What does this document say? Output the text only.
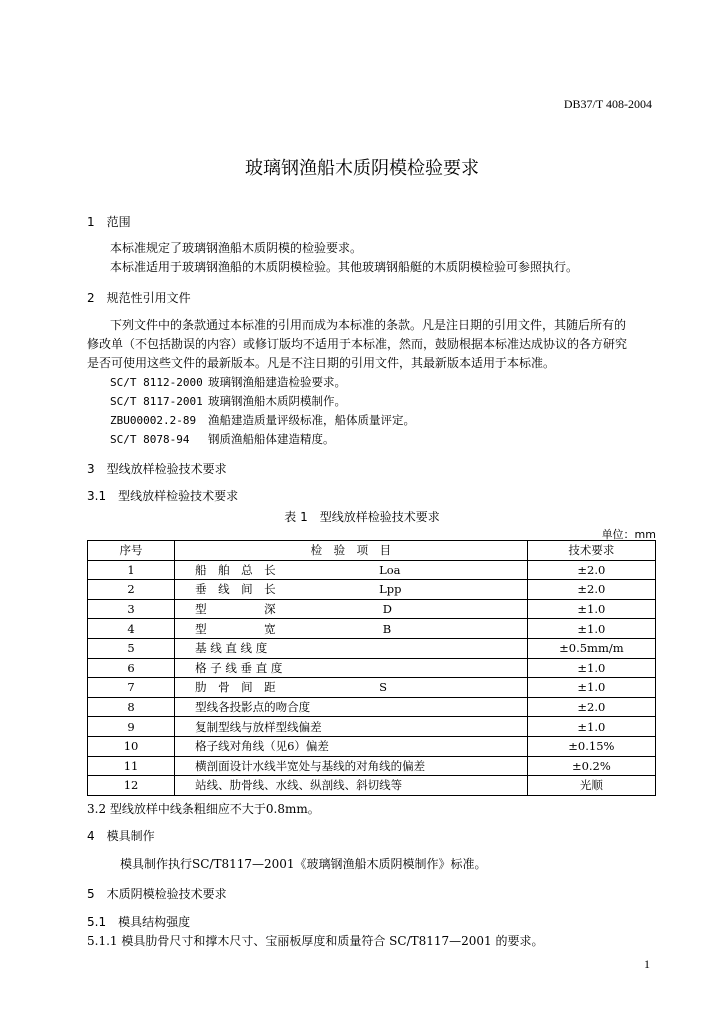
DB37/T 408-2004
玻璃钢渔船木质阴模检验要求
1　范围
本标准规定了玻璃钢渔船木质阴模的检验要求。
本标准适用于玻璃钢渔船的木质阴模检验。其他玻璃钢船艇的木质阴模检验可参照执行。
2　规范性引用文件
下列文件中的条款通过本标准的引用而成为本标准的条款。凡是注日期的引用文件，其随后所有的
修改单（不包括勘误的内容）或修订版均不适用于本标准，然而，鼓励根据本标准达成协议的各方研究
是否可使用这些文件的最新版本。凡是不注日期的引用文件，其最新版本适用于本标准。
SC/T 8112-2000 玻璃钢渔船建造检验要求。
SC/T 8117-2001 玻璃钢渔船木质阴模制作。
ZBU00002.2-89 渔船建造质量评级标准，船体质量评定。
SC/T 8078-94 钢质渔船船体建造精度。
3　型线放样检验技术要求
3.1　型线放样检验技术要求
表 1　型线放样检验技术要求
单位：mm
序号	检　验　项　目	技术要求
1	船　舶　总　长　　　　　　　　　Loa	±2.0
2	垂　线　间　长　　　　　　　　　Lpp	±2.0
3	型　　　　　深　　　　　　　　　 D	±1.0
4	型　　　　　宽　　　　　　　　　 B	±1.0
5	基 线 直 线 度	±0.5mm/m
6	格 子 线 垂 直 度	±1.0
7	肋　骨　间　距　　　　　　　　　S	±1.0
8	型线各投影点的吻合度	±2.0
9	复制型线与放样型线偏差	±1.0
10	格子线对角线（见6）偏差	±0.15%
11	横剖面设计水线半宽处与基线的对角线的偏差	±0.2%
12	站线、肋骨线、水线、纵剖线、斜切线等	光顺
3.2 型线放样中线条粗细应不大于0.8mm。
4　模具制作
模具制作执行SC/T8117—2001《玻璃钢渔船木质阴模制作》标准。
5　木质阴模检验技术要求
5.1　模具结构强度
5.1.1 模具肋骨尺寸和撑木尺寸、宝丽板厚度和质量符合 SC/T8117—2001 的要求。
1
